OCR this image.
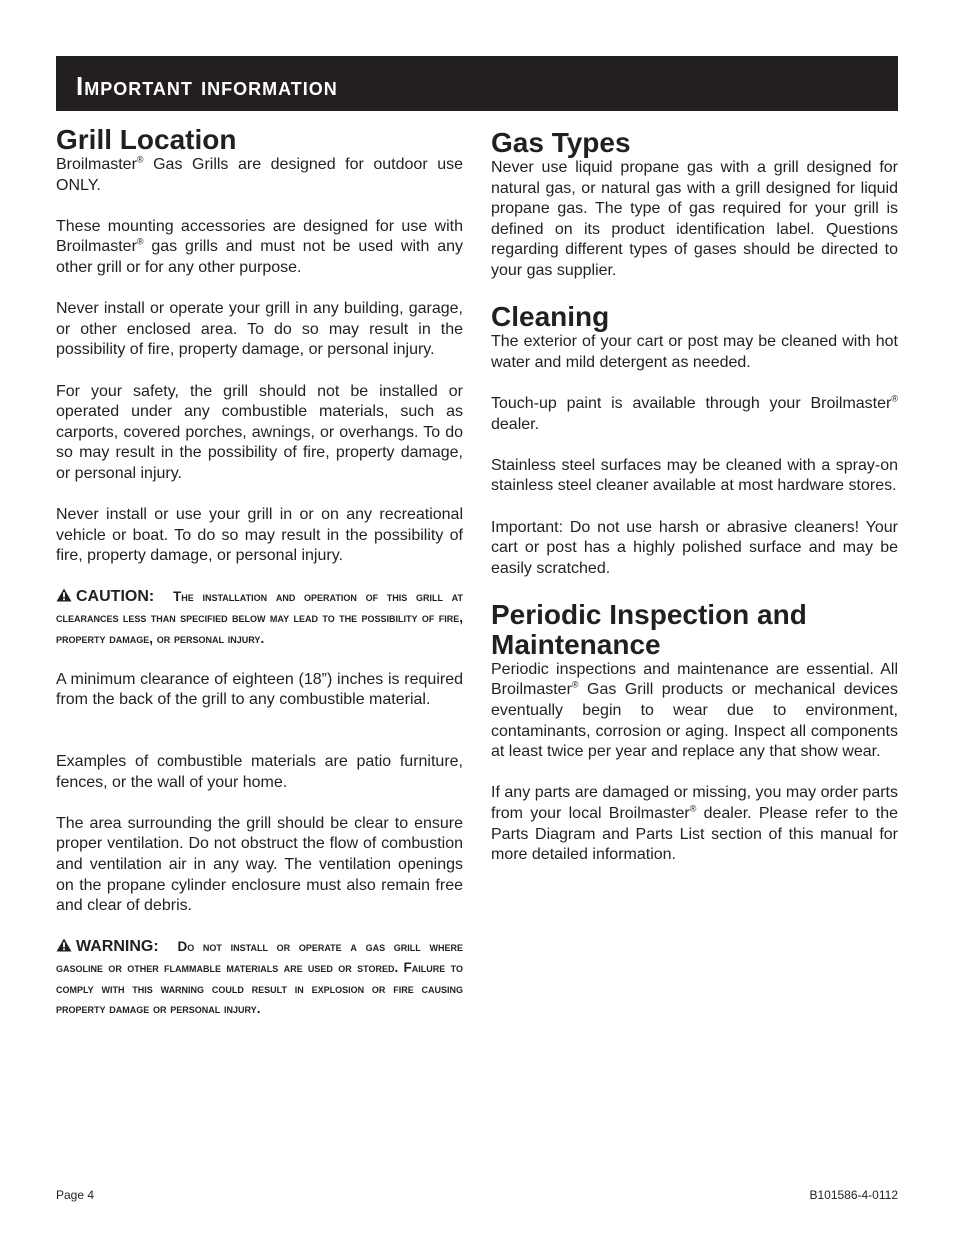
Important information
Grill Location

Broilmaster® Gas Grills are designed for outdoor use ONLY.

These mounting accessories are designed for use with Broilmaster® gas grills and must not be used with any other grill or for any other purpose.

Never install or operate your grill in any building, garage, or other enclosed area. To do so may result in the possibility of fire, property damage, or personal injury.

For your safety, the grill should not be installed or operated under any combustible materials, such as carports, covered porches, awnings, or overhangs. To do so may result in the possibility of fire, property damage, or personal injury.

Never install or use your grill in or on any recreational vehicle or boat. To do so may result in the possibility of fire, property damage, or personal injury.

CAUTION: The installation and operation of this grill at clearances less than specified below may lead to the possibility of fire, property damage, or personal injury.

A minimum clearance of eighteen (18”) inches is required from the back of the grill to any combustible material.

Examples of combustible materials are patio furniture, fences, or the wall of your home.

The area surrounding the grill should be clear to ensure proper ventilation. Do not obstruct the flow of combustion and ventilation air in any way. The ventilation openings on the propane cylinder enclosure must also remain free and clear of debris.

WARNING: Do not install or operate a gas grill where gasoline or other flammable materials are used or stored. Failure to comply with this warning could result in explosion or fire causing property damage or personal injury.
Gas Types

Never use liquid propane gas with a grill designed for natural gas, or natural gas with a grill designed for liquid propane gas. The type of gas required for your grill is defined on its product identification label. Questions regarding different types of gases should be directed to your gas supplier.

Cleaning

The exterior of your cart or post may be cleaned with hot water and mild detergent as needed.

Touch-up paint is available through your Broilmaster® dealer.

Stainless steel surfaces may be cleaned with a spray-on stainless steel cleaner available at most hardware stores.

Important: Do not use harsh or abrasive cleaners! Your cart or post has a highly polished surface and may be easily scratched.

Periodic Inspection and Maintenance

Periodic inspections and maintenance are essential. All Broilmaster® Gas Grill products or mechanical devices eventually begin to wear due to environment, contaminants, corrosion or aging. Inspect all components at least twice per year and replace any that show wear.

If any parts are damaged or missing, you may order parts from your local Broilmaster® dealer. Please refer to the Parts Diagram and Parts List section of this manual for more detailed information.

Page 4	B101586-4-0112
